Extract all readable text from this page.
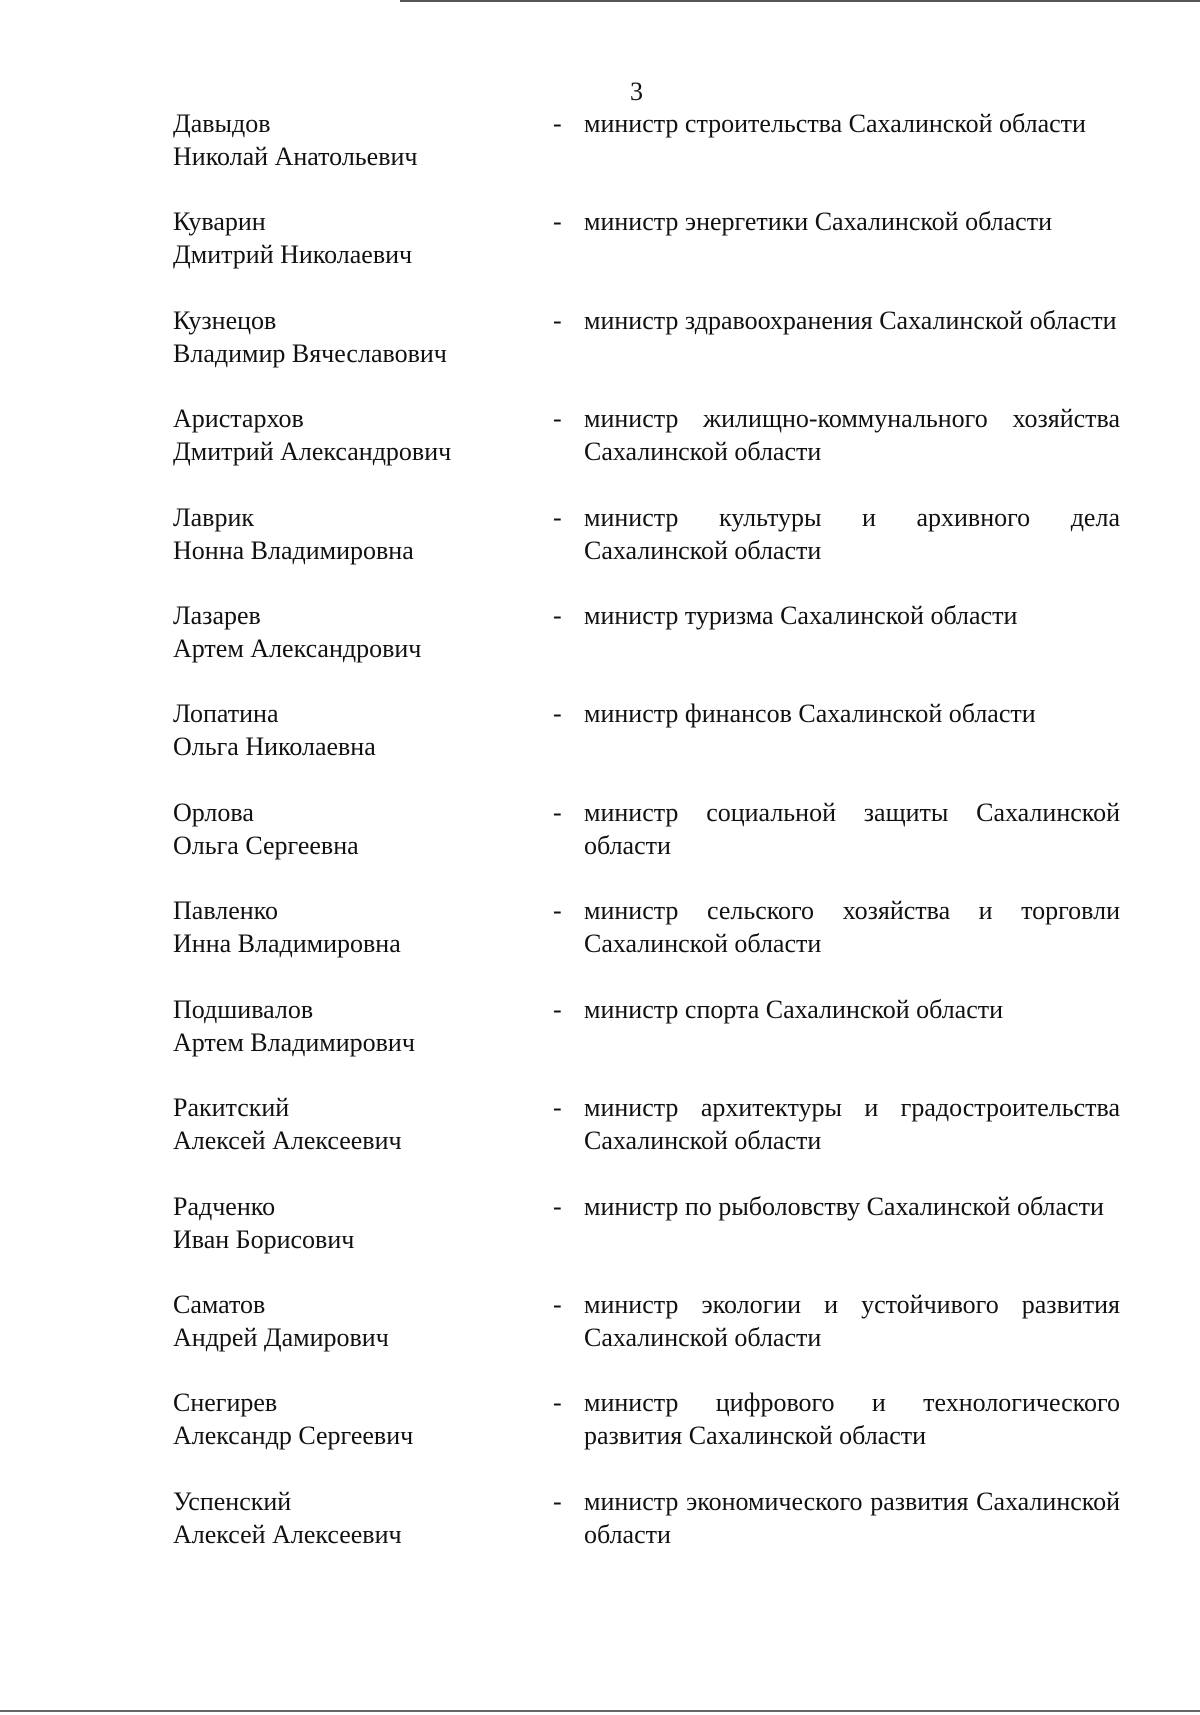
3
Давыдов
Николай Анатольевич
- министр строительства Сахалинской области
Куварин
Дмитрий Николаевич
- министр энергетики Сахалинской области
Кузнецов
Владимир Вячеславович
- министр здравоохранения Сахалинской области
Аристархов
Дмитрий Александрович
- министр жилищно-коммунального хозяйства Сахалинской области
Лаврик
Нонна Владимировна
- министр культуры и архивного дела Сахалинской области
Лазарев
Артем Александрович
- министр туризма Сахалинской области
Лопатина
Ольга Николаевна
- министр финансов Сахалинской области
Орлова
Ольга Сергеевна
- министр социальной защиты Сахалинской области
Павленко
Инна Владимировна
- министр сельского хозяйства и торговли Сахалинской области
Подшивалов
Артем Владимирович
- министр спорта Сахалинской области
Ракитский
Алексей Алексеевич
- министр архитектуры и градостроительства Сахалинской области
Радченко
Иван Борисович
- министр по рыболовству Сахалинской области
Саматов
Андрей Дамирович
- министр экологии и устойчивого развития Сахалинской области
Снегирев
Александр Сергеевич
- министр цифрового и технологического развития Сахалинской области
Успенский
Алексей Алексеевич
- министр экономического развития Сахалинской области
